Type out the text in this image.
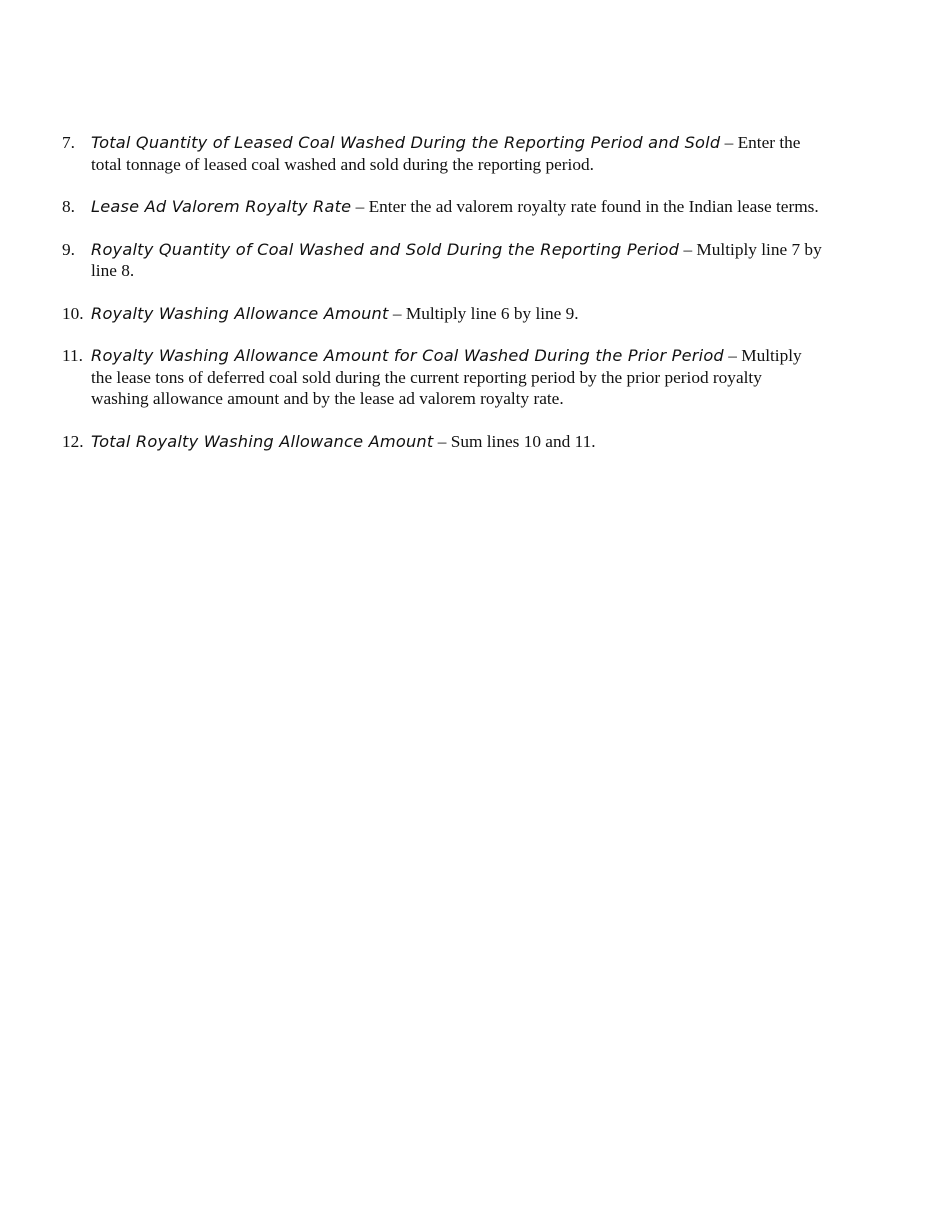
7. Total Quantity of Leased Coal Washed During the Reporting Period and Sold – Enter the total tonnage of leased coal washed and sold during the reporting period.
8. Lease Ad Valorem Royalty Rate – Enter the ad valorem royalty rate found in the Indian lease terms.
9. Royalty Quantity of Coal Washed and Sold During the Reporting Period – Multiply line 7 by line 8.
10. Royalty Washing Allowance Amount – Multiply line 6 by line 9.
11. Royalty Washing Allowance Amount for Coal Washed During the Prior Period – Multiply the lease tons of deferred coal sold during the current reporting period by the prior period royalty washing allowance amount and by the lease ad valorem royalty rate.
12. Total Royalty Washing Allowance Amount – Sum lines 10 and 11.
